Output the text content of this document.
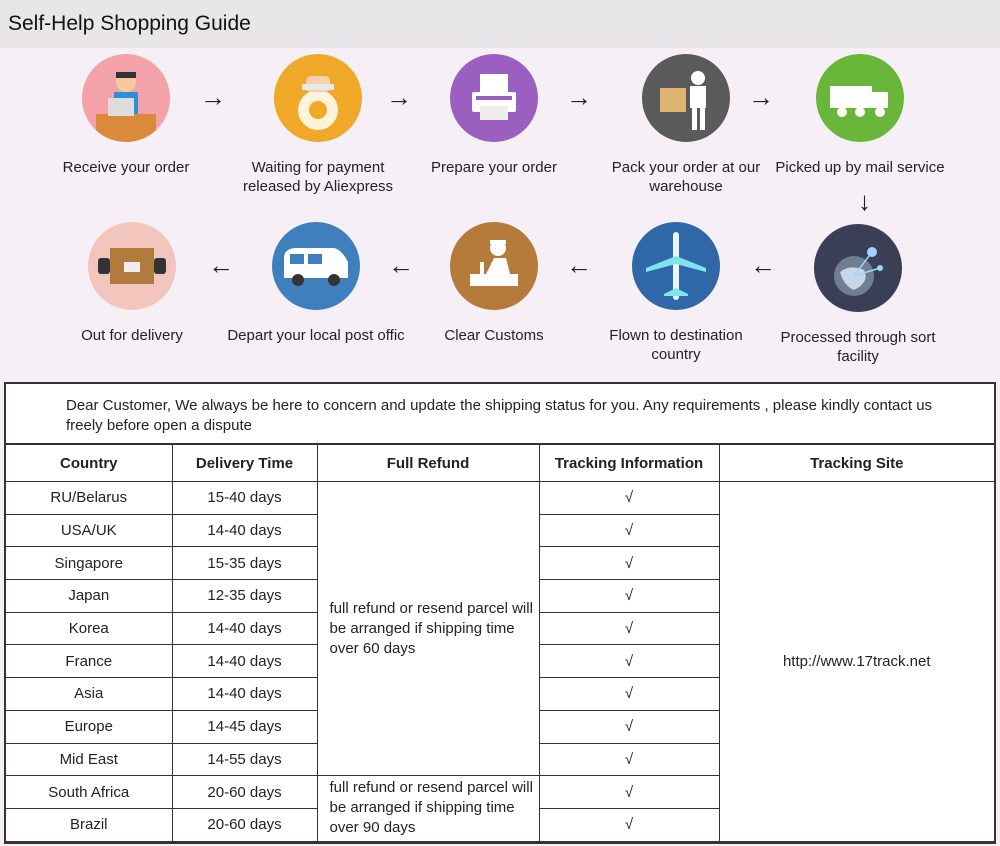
Self-Help Shopping Guide
Receive your order
→
Waiting for payment released by Aliexpress
→
Prepare your order
→
Pack your order at our warehouse
→
Picked up by mail service
↓
Out for delivery
←
Depart your local post offic
←
Clear Customs
←
Flown to destination country
←
Processed through sort facility
Dear Customer, We always be here to concern and update the shipping status for you. Any requirements , please kindly contact us freely before open a dispute
Country	Delivery Time	Full Refund	Tracking Information	Tracking Site
RU/Belarus	15-40 days	full refund or resend parcel will be arranged if shipping time over 60 days	√	http://www.17track.net
USA/UK	14-40 days		√	
Singapore	15-35 days		√	
Japan	12-35 days		√	
Korea	14-40 days		√	
France	14-40 days		√	
Asia	14-40 days		√	
Europe	14-45 days		√	
Mid East	14-55 days		√	
South Africa	20-60 days	full refund or resend parcel will be arranged if shipping time over 90 days	√	
Brazil	20-60 days		√	
